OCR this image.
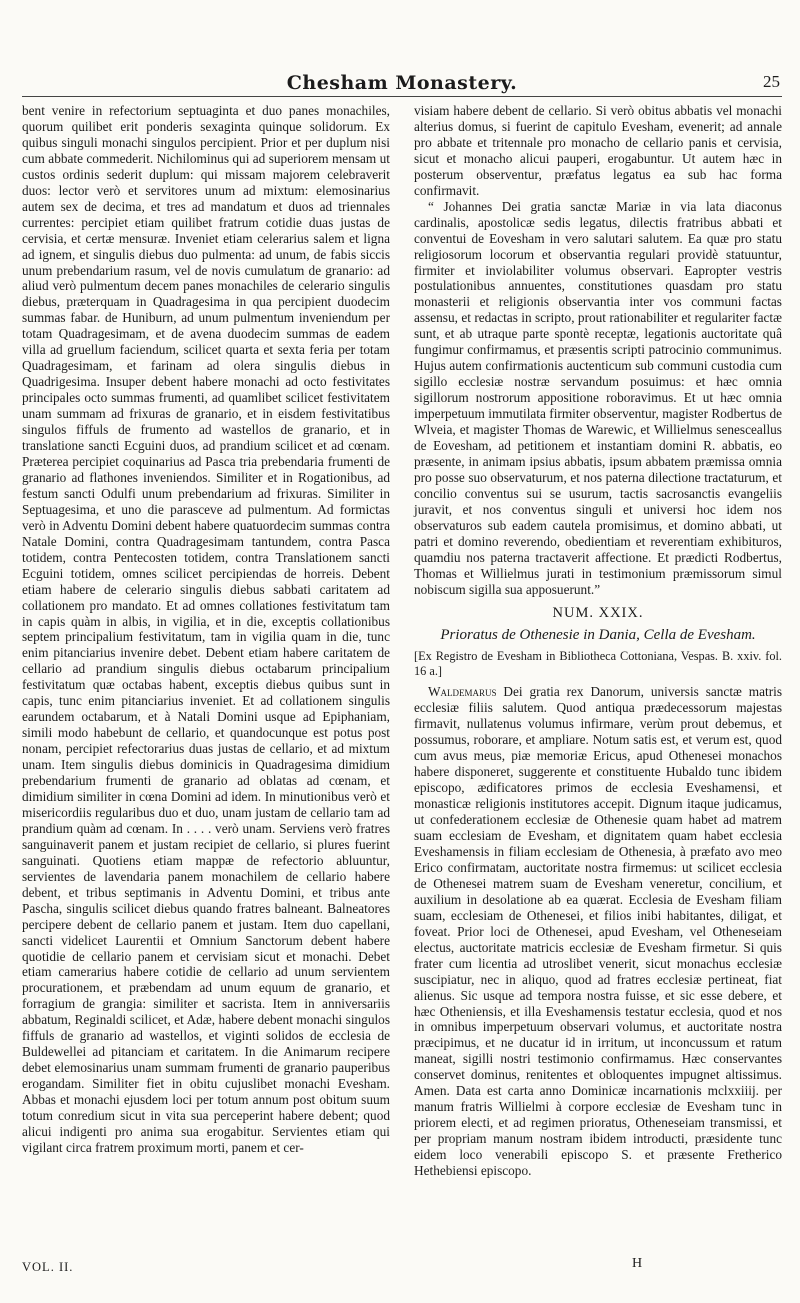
Chesham Monastery.	25

bent venire in refectorium septuaginta et duo panes monachiles, quorum quilibet erit ponderis sexaginta quinque solidorum. Ex quibus singuli monachi singulos percipient. Prior et per duplum nisi cum abbate commederit. Nichilominus qui ad superiorem mensam ut custos ordinis sederit duplum: qui missam majorem celebraverit duos: lector verò et servitores unum ad mixtum: elemosinarius autem sex de decima, et tres ad mandatum et duos ad triennales currentes: percipiet etiam quilibet fratrum cotidie duas justas de cervisia, et certæ mensuræ. Inveniet etiam celerarius salem et ligna ad ignem, et singulis diebus duo pulmenta: ad unum, de fabis siccis unum prebendarium rasum, vel de novis cumulatum de granario: ad aliud verò pulmentum decem panes monachiles de celerario singulis diebus, præterquam in Quadragesima in qua percipient duodecim summas fabar. de Huniburn, ad unum pulmentum inveniendum per totam Quadragesimam, et de avena duodecim summas de eadem villa ad gruellum faciendum, scilicet quarta et sexta feria per totam Quadragesimam, et farinam ad olera singulis diebus in Quadrigesima. Insuper debent habere monachi ad octo festivitates principales octo summas frumenti, ad quamlibet scilicet festivitatem unam summam ad frixuras de granario, et in eisdem festivitatibus singulos fiffuls de frumento ad wastellos de granario, et in translatione sancti Ecguini duos, ad prandium scilicet et ad cœnam. Præterea percipiet coquinarius ad Pasca tria prebendaria frumenti de granario ad flathones inveniendos. Similiter et in Rogationibus, ad festum sancti Odulfi unum prebendarium ad frixuras. Similiter in Septuagesima, et uno die parasceve ad pulmentum. Ad formictas verò in Adventu Domini debent habere quatuordecim summas contra Natale Domini, contra Quadragesimam tantundem, contra Pasca totidem, contra Pentecosten totidem, contra Translationem sancti Ecguini totidem, omnes scilicet percipiendas de horreis. Debent etiam habere de celerario singulis diebus sabbati caritatem ad collationem pro mandato. Et ad omnes collationes festivitatum tam in capis quàm in albis, in vigilia, et in die, exceptis collationibus septem principalium festivitatum, tam in vigilia quam in die, tunc enim pitanciarius invenire debet. Debent etiam habere caritatem de cellario ad prandium singulis diebus octabarum principalium festivitatum quæ octabas habent, exceptis diebus quibus sunt in capis, tunc enim pitanciarius inveniet. Et ad collationem singulis earundem octabarum, et à Natali Domini usque ad Epiphaniam, simili modo habebunt de cellario, et quandocunque est potus post nonam, percipiet refectorarius duas justas de cellario, et ad mixtum unam. Item singulis diebus dominicis in Quadragesima dimidium prebendarium frumenti de granario ad oblatas ad cœnam, et dimidium similiter in cœna Domini ad idem. In minutionibus verò et misericordiis regularibus duo et duo, unam justam de cellario tam ad prandium quàm ad cœnam. In . . . . verò unam. Serviens verò fratres sanguinaverit panem et justam recipiet de cellario, si plures fuerint sanguinati. Quotiens etiam mappæ de refectorio abluuntur, servientes de lavendaria panem monachilem de cellario habere debent, et tribus septimanis in Adventu Domini, et tribus ante Pascha, singulis scilicet diebus quando fratres balneant. Balneatores percipere debent de cellario panem et justam. Item duo capellani, sancti videlicet Laurentii et Omnium Sanctorum debent habere quotidie de cellario panem et cervisiam sicut et monachi. Debet etiam camerarius habere cotidie de cellario ad unum servientem procurationem, et præbendam ad unum equum de granario, et forragium de grangia: similiter et sacrista. Item in anniversariis abbatum, Reginaldi scilicet, et Adæ, habere debent monachi singulos fiffuls de granario ad wastellos, et viginti solidos de ecclesia de Buldewellei ad pitanciam et caritatem. In die Animarum recipere debet elemosinarius unam summam frumenti de granario pauperibus erogandam. Similiter fiet in obitu cujuslibet monachi Evesham. Abbas et monachi ejusdem loci per totum annum post obitum suum totum conredium sicut in vita sua perceperint habere debent; quod alicui indigenti pro anima sua erogabitur. Servientes etiam qui vigilant circa fratrem proximum morti, panem et cer-

visiam habere debent de cellario. Si verò obitus abbatis vel monachi alterius domus, si fuerint de capitulo Evesham, evenerit; ad annale pro abbate et tritennale pro monacho de cellario panis et cervisia, sicut et monacho alicui pauperi, erogabuntur. Ut autem hæc in posterum observentur, præfatus legatus ea sub hac forma confirmavit.

“ Johannes Dei gratia sanctæ Mariæ in via lata diaconus cardinalis, apostolicæ sedis legatus, dilectis fratribus abbati et conventui de Eovesham in vero salutari salutem. Ea quæ pro statu religiosorum locorum et observantia regulari providè statuuntur, firmiter et inviolabiliter volumus observari. Eapropter vestris postulationibus annuentes, constitutiones quasdam pro statu monasterii et religionis observantia inter vos communi factas assensu, et redactas in scripto, prout rationabiliter et regulariter factæ sunt, et ab utraque parte spontè receptæ, legationis auctoritate quâ fungimur confirmamus, et præsentis scripti patrocinio communimus. Hujus autem confirmationis auctenticum sub communi custodia cum sigillo ecclesiæ nostræ servandum posuimus: et hæc omnia sigillorum nostrorum appositione roboravimus. Et ut hæc omnia imperpetuum immutilata firmiter observentur, magister Rodbertus de Wlveia, et magister Thomas de Warewic, et Willielmus senesceallus de Eovesham, ad petitionem et instantiam domini R. abbatis, eo præsente, in animam ipsius abbatis, ipsum abbatem præmissa omnia pro posse suo observaturum, et nos paterna dilectione tractaturum, et concilio conventus sui se usurum, tactis sacrosanctis evangeliis juravit, et nos conventus singuli et universi hoc idem nos observaturos sub eadem cautela promisimus, et domino abbati, ut patri et domino reverendo, obedientiam et reverentiam exhibituros, quamdiu nos paterna tractaverit affectione. Et prædicti Rodbertus, Thomas et Willielmus jurati in testimonium præmissorum simul nobiscum sigilla sua apposuerunt.”

NUM. XXIX.

Prioratus de Othenesie in Dania, Cella de Evesham.

[Ex Registro de Evesham in Bibliotheca Cottoniana, Vespas. B. xxiv. fol. 16 a.]

Waldemarus Dei gratia rex Danorum, universis sanctæ matris ecclesiæ filiis salutem. Quod antiqua prædecessorum majestas firmavit, nullatenus volumus infirmare, verùm prout debemus, et possumus, roborare, et ampliare. Notum satis est, et verum est, quod cum avus meus, piæ memoriæ Ericus, apud Othenesei monachos habere disponeret, suggerente et constituente Hubaldo tunc ibidem episcopo, ædificatores primos de ecclesia Eveshamensi, et monasticæ religionis institutores accepit. Dignum itaque judicamus, ut confederationem ecclesiæ de Othenesie quam habet ad matrem suam ecclesiam de Evesham, et dignitatem quam habet ecclesia Eveshamensis in filiam ecclesiam de Othenesia, à præfato avo meo Erico confirmatam, auctoritate nostra firmemus: ut scilicet ecclesia de Othenesei matrem suam de Evesham veneretur, concilium, et auxilium in desolatione ab ea quærat. Ecclesia de Evesham filiam suam, ecclesiam de Othenesei, et filios inibi habitantes, diligat, et foveat. Prior loci de Othenesei, apud Evesham, vel Otheneseiam electus, auctoritate matricis ecclesiæ de Evesham firmetur. Si quis frater cum licentia ad utroslibet venerit, sicut monachus ecclesiæ suscipiatur, nec in aliquo, quod ad fratres ecclesiæ pertineat, fiat alienus. Sic usque ad tempora nostra fuisse, et sic esse debere, et hæc Otheniensis, et illa Eveshamensis testatur ecclesia, quod et nos in omnibus imperpetuum observari volumus, et auctoritate nostra præcipimus, et ne ducatur id in irritum, ut inconcussum et ratum maneat, sigilli nostri testimonio confirmamus. Hæc conservantes conservet dominus, renitentes et obloquentes impugnet altissimus. Amen. Data est carta anno Dominicæ incarnationis mclxxiiij. per manum fratris Willielmi à corpore ecclesiæ de Evesham tunc in priorem electi, et ad regimen prioratus, Otheneseiam transmissi, et per propriam manum nostram ibidem introducti, præsidente tunc eidem loco venerabili episcopo S. et præsente Fretherico Hethebiensi episcopo.

VOL. II.	H
